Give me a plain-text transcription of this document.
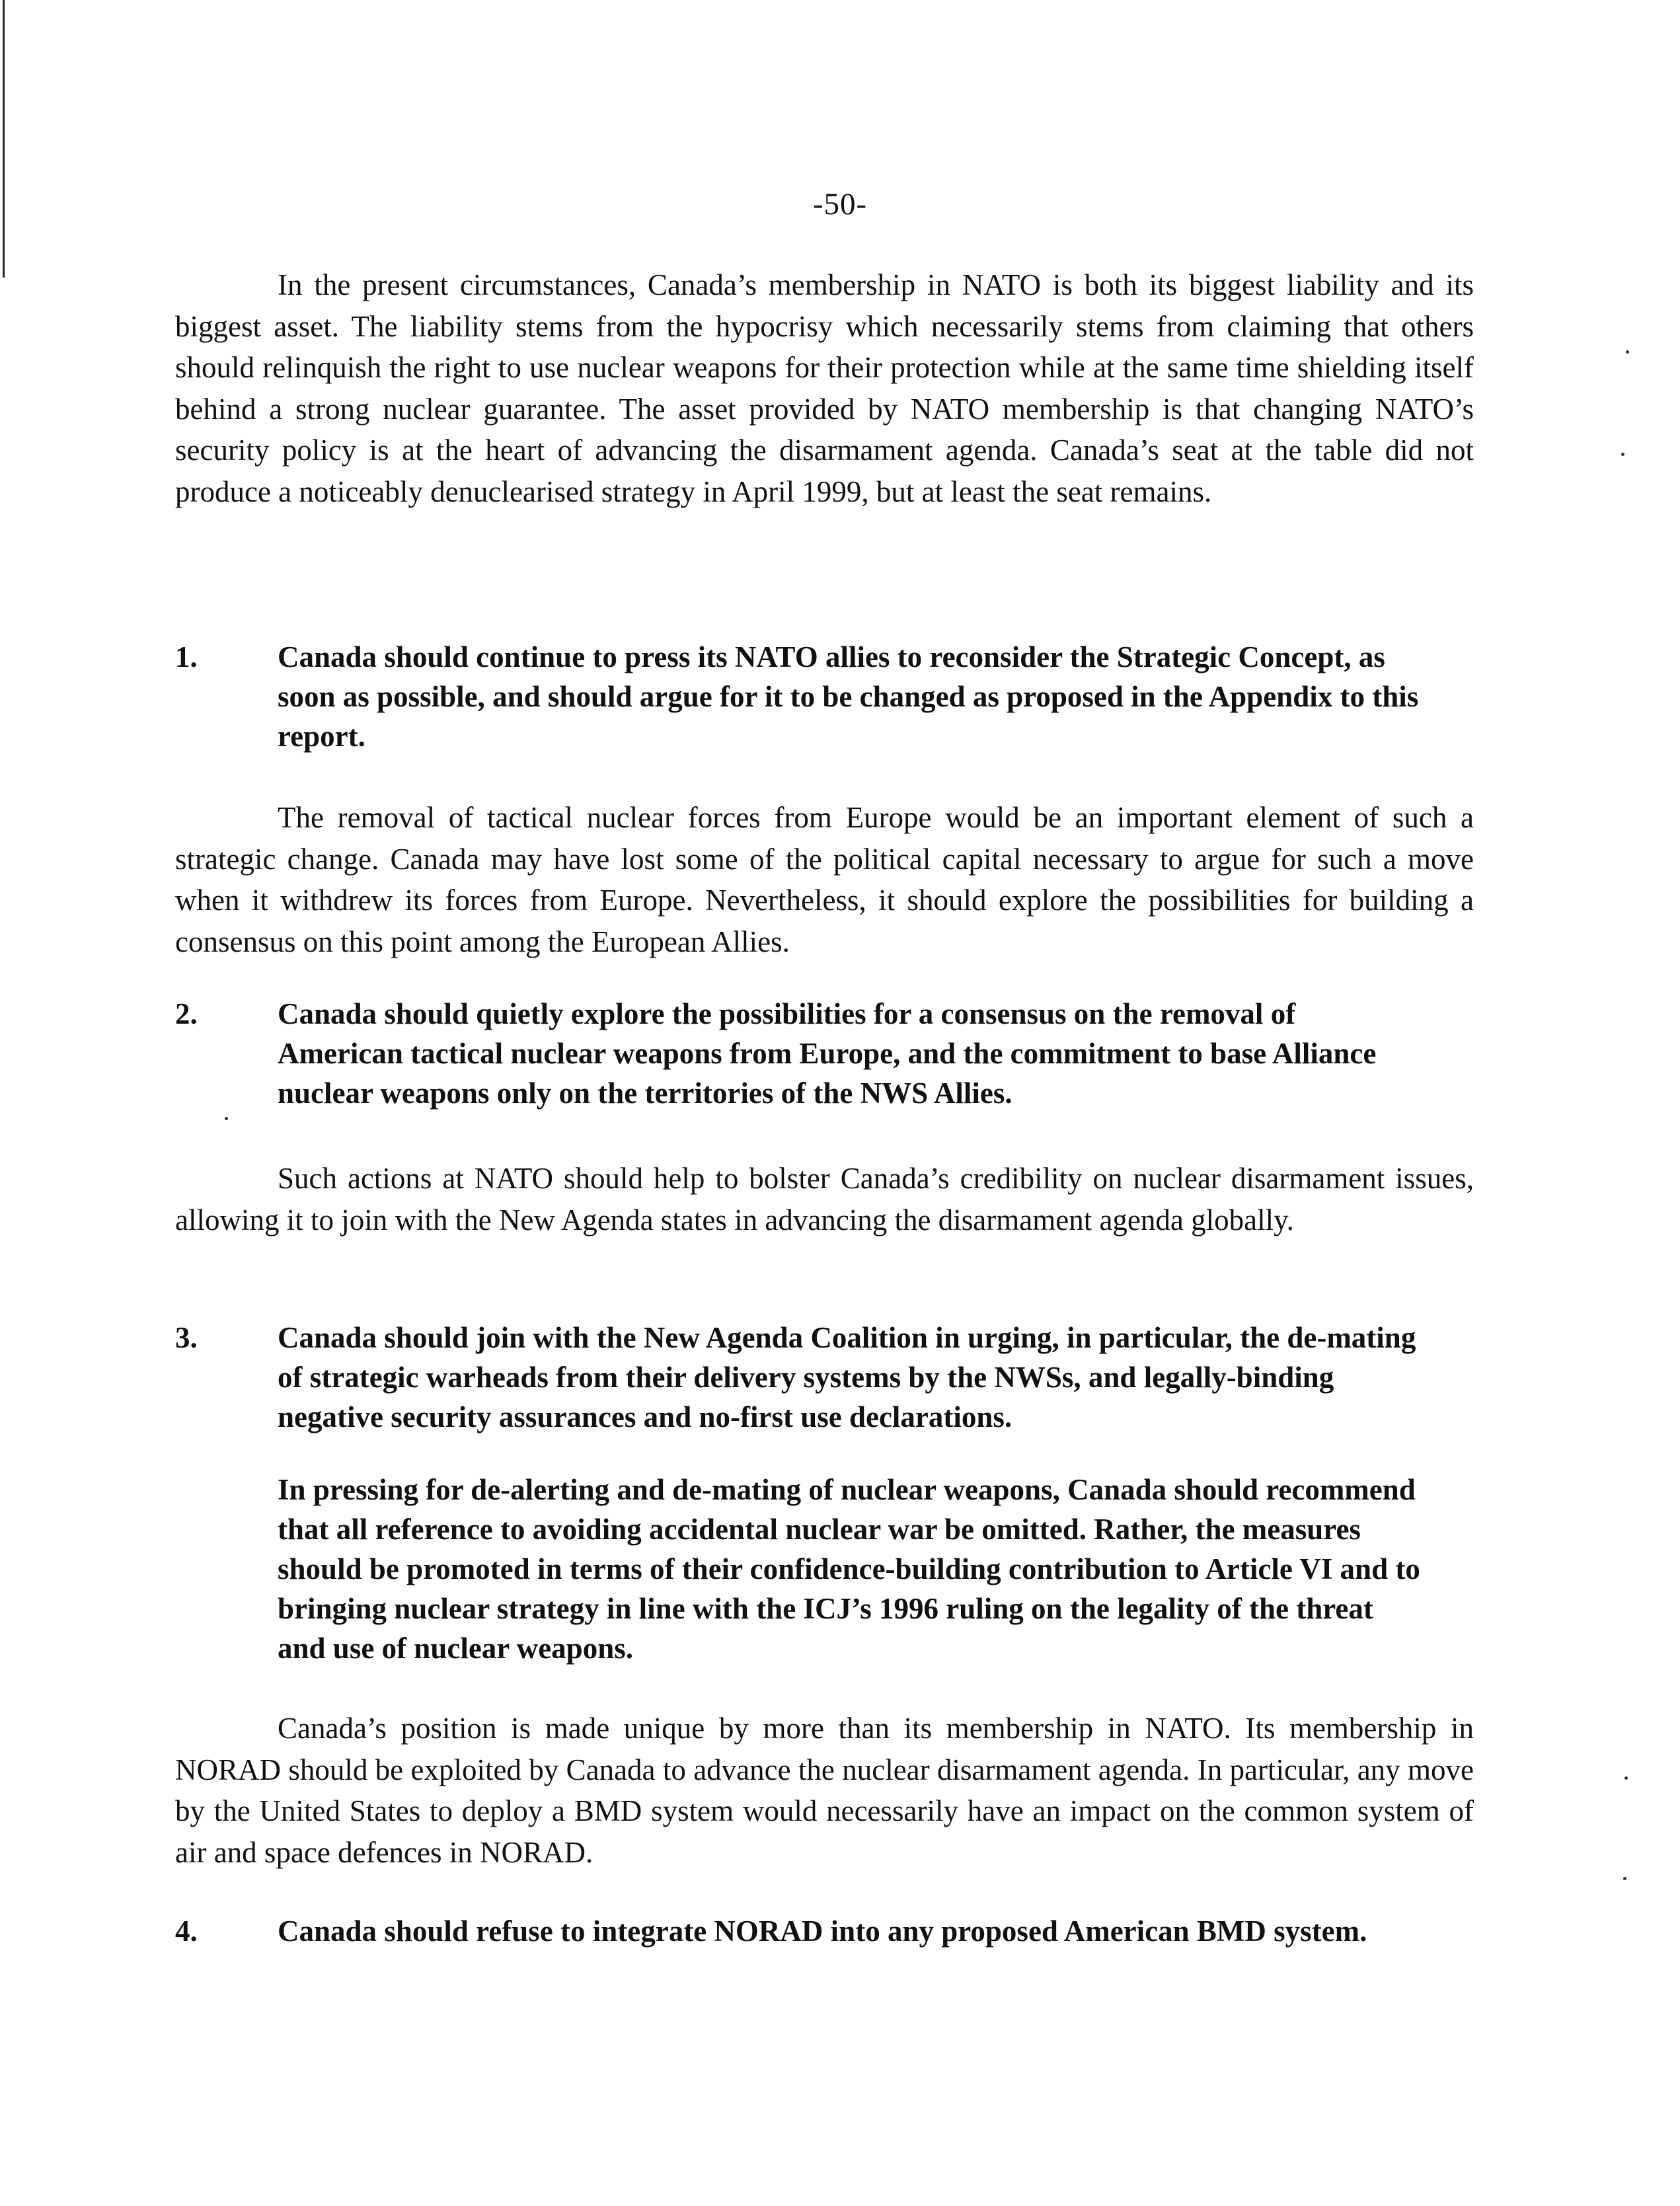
-50-

In the present circumstances, Canada’s membership in NATO is both its biggest liability and its biggest asset. The liability stems from the hypocrisy which necessarily stems from claiming that others should relinquish the right to use nuclear weapons for their protection while at the same time shielding itself behind a strong nuclear guarantee. The asset provided by NATO membership is that changing NATO’s security policy is at the heart of advancing the disarmament agenda. Canada’s seat at the table did not produce a noticeably denuclearised strategy in April 1999, but at least the seat remains.

1.	Canada should continue to press its NATO allies to reconsider the Strategic Concept, as soon as possible, and should argue for it to be changed as proposed in the Appendix to this report.

The removal of tactical nuclear forces from Europe would be an important element of such a strategic change. Canada may have lost some of the political capital necessary to argue for such a move when it withdrew its forces from Europe. Nevertheless, it should explore the possibilities for building a consensus on this point among the European Allies.

2.	Canada should quietly explore the possibilities for a consensus on the removal of American tactical nuclear weapons from Europe, and the commitment to base Alliance nuclear weapons only on the territories of the NWS Allies.

Such actions at NATO should help to bolster Canada’s credibility on nuclear disarmament issues, allowing it to join with the New Agenda states in advancing the disarmament agenda globally.

3.	Canada should join with the New Agenda Coalition in urging, in particular, the de-mating of strategic warheads from their delivery systems by the NWSs, and legally-binding negative security assurances and no-first use declarations.

In pressing for de-alerting and de-mating of nuclear weapons, Canada should recommend that all reference to avoiding accidental nuclear war be omitted. Rather, the measures should be promoted in terms of their confidence-building contribution to Article VI and to bringing nuclear strategy in line with the ICJ’s 1996 ruling on the legality of the threat and use of nuclear weapons.

Canada’s position is made unique by more than its membership in NATO. Its membership in NORAD should be exploited by Canada to advance the nuclear disarmament agenda. In particular, any move by the United States to deploy a BMD system would necessarily have an impact on the common system of air and space defences in NORAD.

4.	Canada should refuse to integrate NORAD into any proposed American BMD system.
